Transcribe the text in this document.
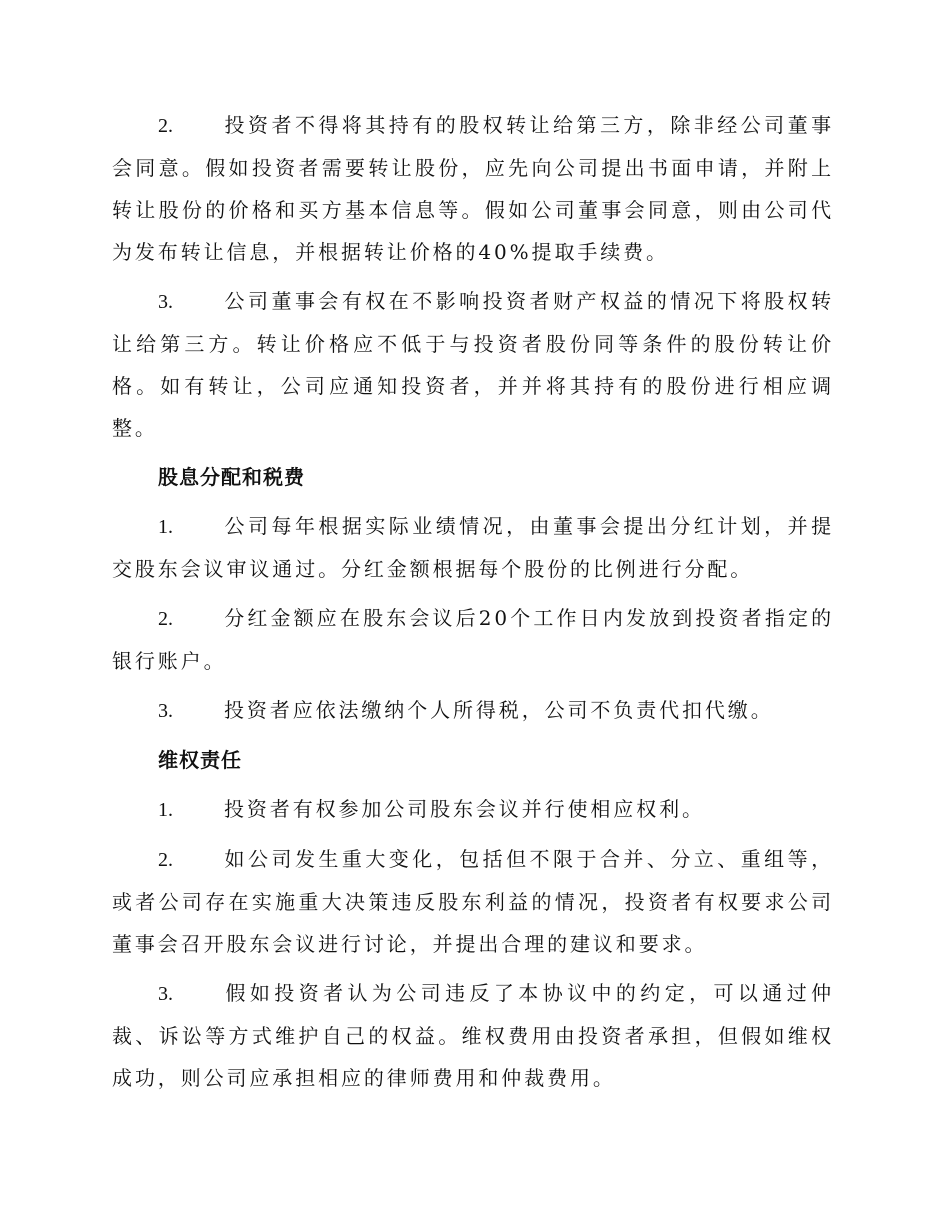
2.	投资者不得将其持有的股权转让给第三方，除非经公司董事会同意。假如投资者需要转让股份，应先向公司提出书面申请，并附上转让股份的价格和买方基本信息等。假如公司董事会同意，则由公司代为发布转让信息，并根据转让价格的40%提取手续费。

3.	公司董事会有权在不影响投资者财产权益的情况下将股权转让给第三方。转让价格应不低于与投资者股份同等条件的股份转让价格。如有转让，公司应通知投资者，并并将其持有的股份进行相应调整。

股息分配和税费

1.	公司每年根据实际业绩情况，由董事会提出分红计划，并提交股东会议审议通过。分红金额根据每个股份的比例进行分配。

2.	分红金额应在股东会议后20个工作日内发放到投资者指定的银行账户。

3.	投资者应依法缴纳个人所得税，公司不负责代扣代缴。

维权责任

1.	投资者有权参加公司股东会议并行使相应权利。

2.	如公司发生重大变化，包括但不限于合并、分立、重组等，或者公司存在实施重大决策违反股东利益的情况，投资者有权要求公司董事会召开股东会议进行讨论，并提出合理的建议和要求。

3.	假如投资者认为公司违反了本协议中的约定，可以通过仲裁、诉讼等方式维护自己的权益。维权费用由投资者承担，但假如维权成功，则公司应承担相应的律师费用和仲裁费用。
